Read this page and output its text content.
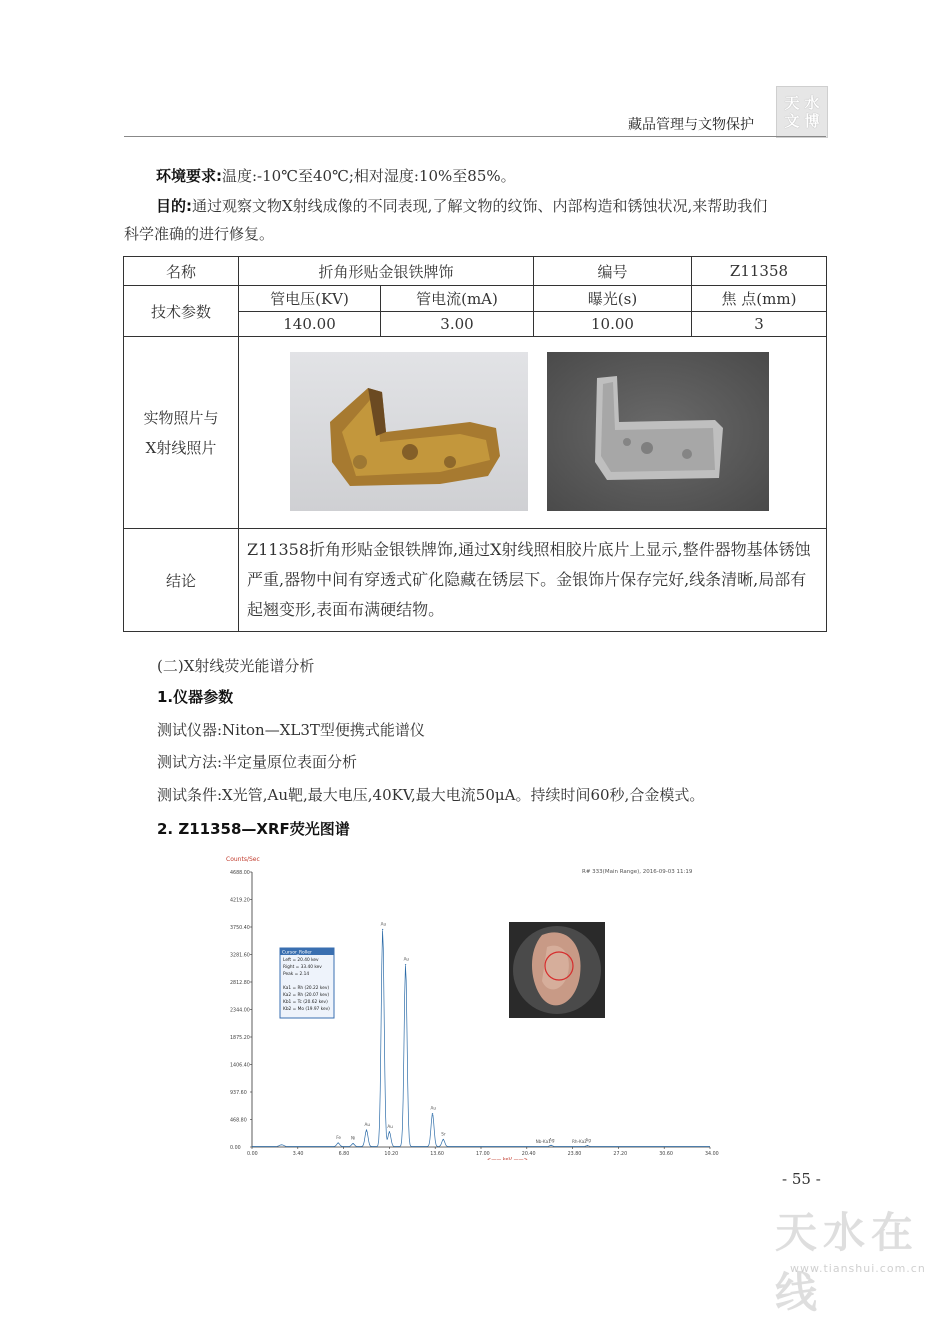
藏品管理与文物保护
天 水
文 博
环境要求:温度:-10℃至40℃;相对湿度:10%至85%。
目的:通过观察文物X射线成像的不同表现,了解文物的纹饰、内部构造和锈蚀状况,来帮助我们
科学准确的进行修复。
名称	折角形贴金银铁牌饰		编号	Z11358
技术参数	管电压(KV)	管电流(mA)	曝光(s)	焦 点(mm)
	140.00	3.00	10.00	3

实物照片与
X射线照片

结论	Z11358折角形贴金银铁牌饰,通过X射线照相胶片底片上显示,整件器物基体锈蚀严重,器物中间有穿透式矿化隐藏在锈层下。金银饰片保存完好,线条清晰,局部有起翘变形,表面布满硬结物。			
(二)X射线荧光能谱分析
1.仪器参数
测试仪器:Niton—XL3T型便携式能谱仪
测试方法:半定量原位表面分析
测试条件:X光管,Au靶,最大电压,40KV,最大电流50μA。持续时间60秒,合金模式。
2. Z11358—XRF荧光图谱
Counts/Sec
R# 333(Main Range), 2016-09-03 11:19
4688.00
4219.20
3750.40
3281.60
2812.80
2344.00
1875.20
1406.40
937.60
468.80
0.00
0.00	3.40	6.80	10.20	13.60	17.00	20.40	23.80	27.20	30.60	34.00
<—— keV ——>
Fe Ni
Au
Au
Au
Au
Au
Sr
Ag	Ag
Nb-Ka1	Rh-Ka2
Cursor_Roller
Left = 20.40 kev Right = 33.40 kev Peak = 2.14 Ka1 = Rh (20.22 kev) Ka2 = Rh (20.07 kev) Kb1 = Tc (20.62 kev) Kb2 = Mo (19.97 kev)
- 55 -
天水在线
www.tianshui.com.cn
